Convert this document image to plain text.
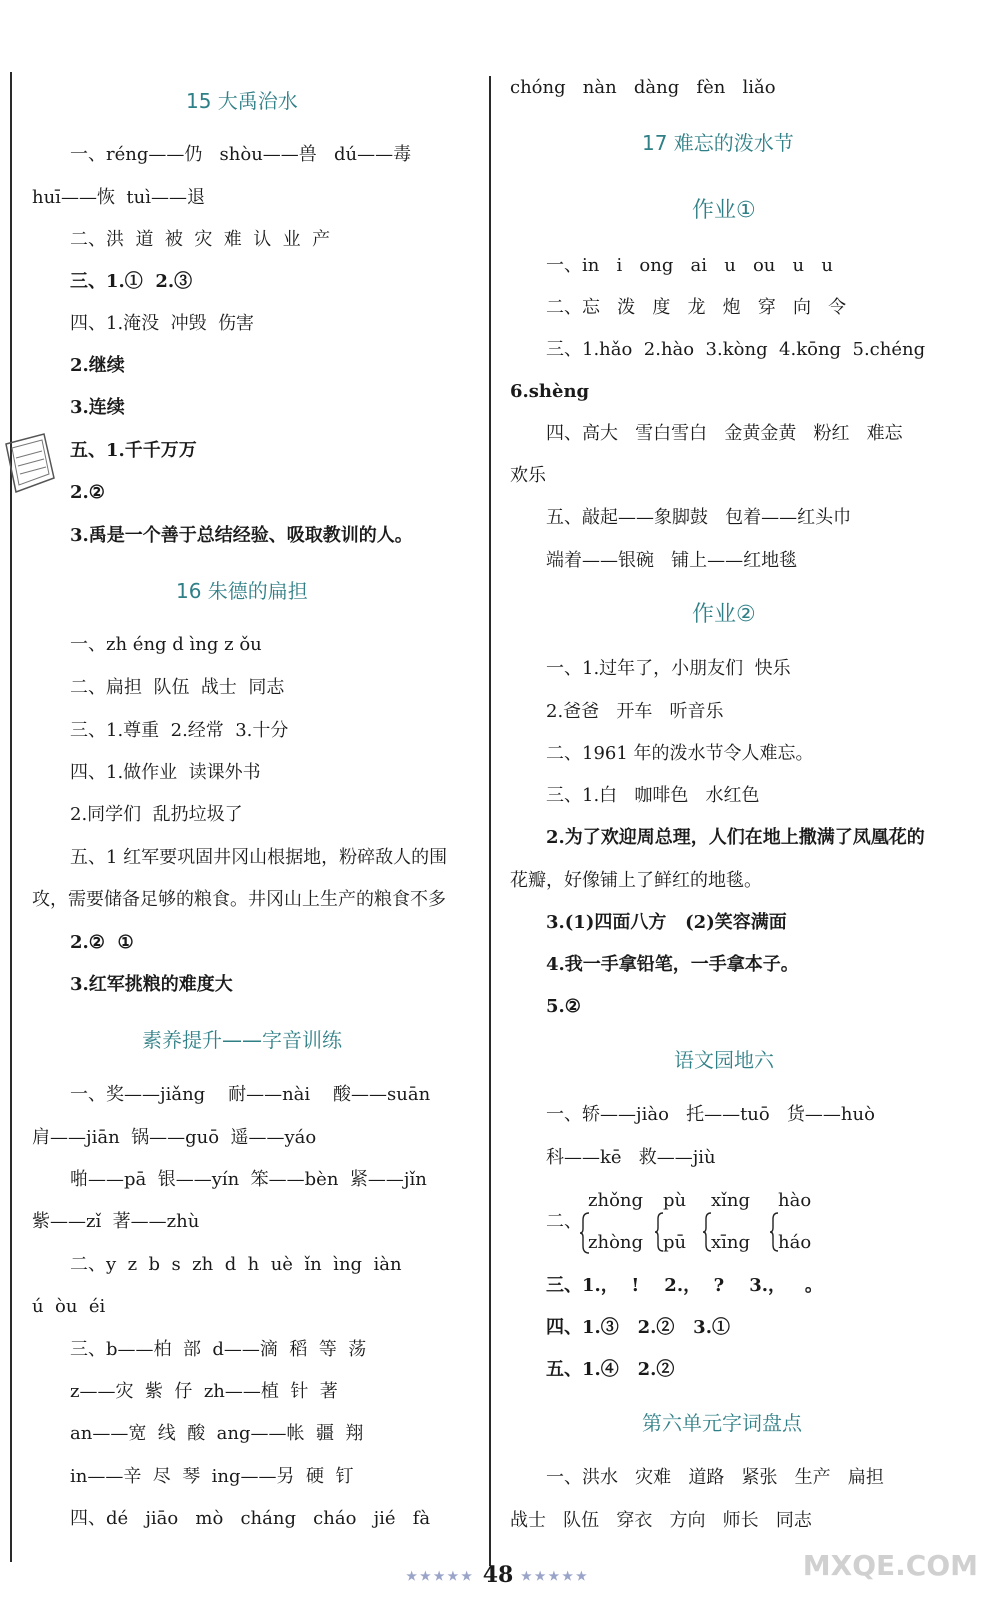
15 大禹治水
一、réng——仍   shòu——兽   dú——毒
huī——恢  tuì——退
二、洪  道  被  灾  难  认  业  产
三、1.①  2.③
四、1.淹没  冲毁  伤害
2.继续
3.连续
五、1.千千万万
2.②
3.禹是一个善于总结经验、吸取教训的人。
16 朱德的扁担
一、zh éng d ìng z ǒu
二、扁担  队伍  战士  同志
三、1.尊重  2.经常  3.十分
四、1.做作业  读课外书
2.同学们  乱扔垃圾了
五、1 红军要巩固井冈山根据地，粉碎敌人的围
攻，需要储备足够的粮食。井冈山上生产的粮食不多
2.②  ①
3.红军挑粮的难度大
素养提升——字音训练
一、奖——jiǎng    耐——nài    酸——suān
肩——jiān  锅——guō  遥——yáo
啪——pā  银——yín  笨——bèn  紧——jǐn
紫——zǐ  著——zhù
二、y  z  b  s  zh  d  h  uè  ǐn  ìng  iàn
ú  òu  éi
三、b——柏  部  d——滴  稻  等  荡
z——灾  紫  仔  zh——植  针  著
an——宽  线  酸  ang——帐  疆  翔
in——辛  尽  琴  ing——另  硬  钉
四、dé   jiāo   mò   cháng   cháo   jié   fà
chóng   nàn   dàng   fèn   liǎo
17 难忘的泼水节
作业①
一、in   i   ong   ai   u   ou   u   u
二、忘   泼   度   龙   炮   穿   向   令
三、1.hǎo  2.hào  3.kòng  4.kōng  5.chéng
6.shèng
四、高大   雪白雪白   金黄金黄   粉红   难忘
欢乐
五、敲起——象脚鼓   包着——红头巾
端着——银碗   铺上——红地毯
作业②
一、1.过年了，小朋友们  快乐
2.爸爸   开车   听音乐
二、1961 年的泼水节令人难忘。
三、1.白   咖啡色   水红色
2.为了欢迎周总理，人们在地上撒满了凤凰花的
花瓣，好像铺上了鲜红的地毯。
3.(1)四面八方   (2)笑容满面
4.我一手拿铅笔，一手拿本子。
5.②
语文园地六
一、轿——jiào   托——tuō   货——huò
科——kē   救——jiù
二、
zhǒng
zhòng
pù
pū
xǐng
xīng
hào
háo
三、1.，  !    2.，  ?    3.，   。
四、1.③   2.②   3.①
五、1.④   2.②
第六单元字词盘点
一、洪水   灾难   道路   紧张   生产   扁担
战士   队伍   穿衣   方向   师长   同志
★★★★★ 48 ★★★★★	MXQE.COM
